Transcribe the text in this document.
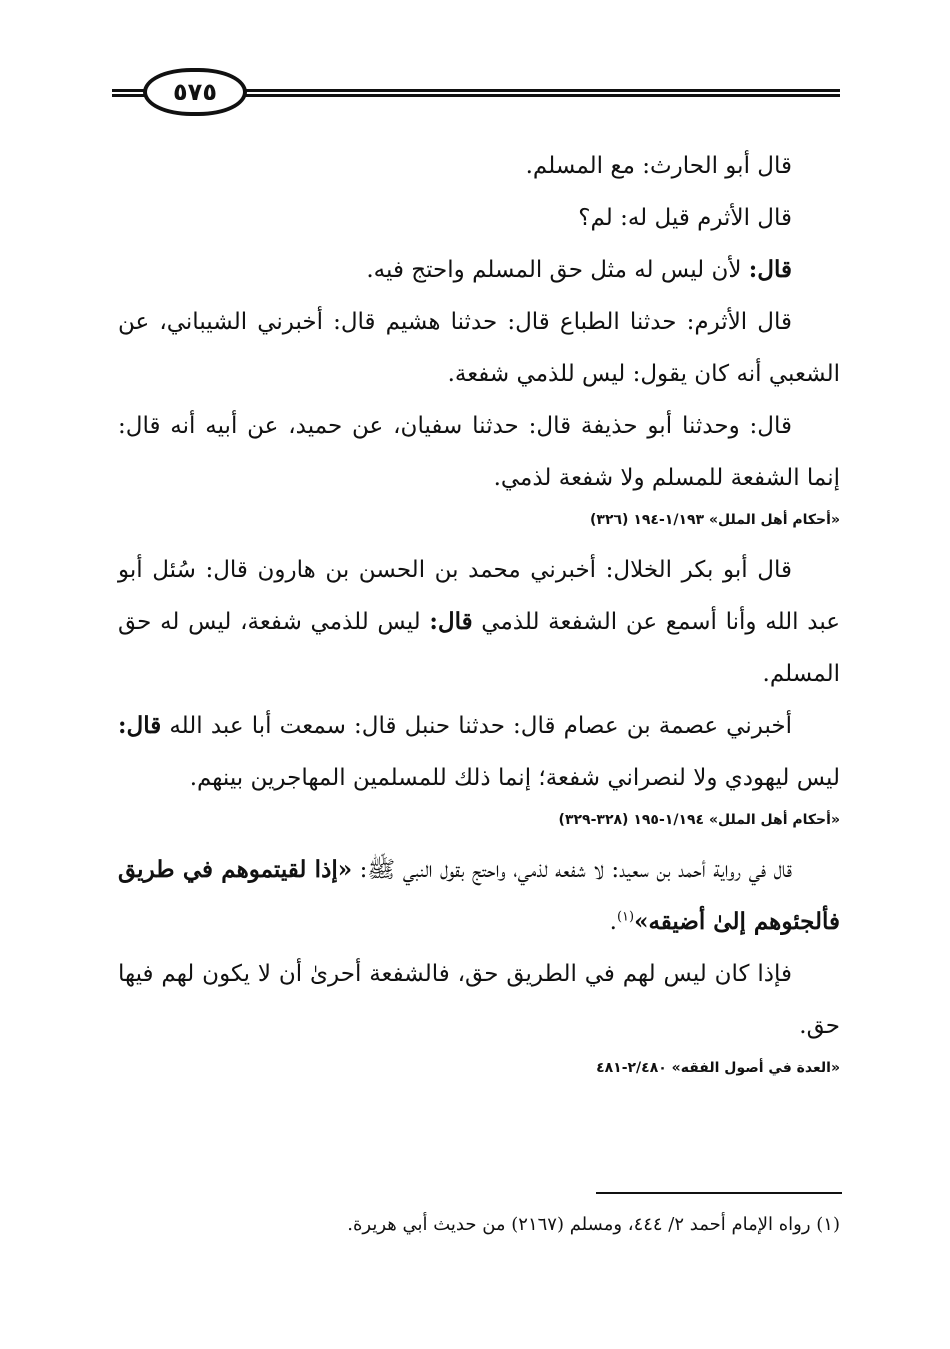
٥٧٥

قال أبو الحارث: مع المسلم.

قال الأثرم قيل له: لم؟

قال: لأن ليس له مثل حق المسلم واحتج فيه.

قال الأثرم: حدثنا الطباع قال: حدثنا هشيم قال: أخبرني الشيباني، عن الشعبي أنه كان يقول: ليس للذمي شفعة.

قال: وحدثنا أبو حذيفة قال: حدثنا سفيان، عن حميد، عن أبيه أنه قال: إنما الشفعة للمسلم ولا شفعة لذمي.

«أحكام أهل الملل» ١/١٩٣-١٩٤ (٣٢٦)

قال أبو بكر الخلال: أخبرني محمد بن الحسن بن هارون قال: سُئل أبو عبد الله وأنا أسمع عن الشفعة للذمي قال: ليس للذمي شفعة، ليس له حق المسلم.

أخبرني عصمة بن عصام قال: حدثنا حنبل قال: سمعت أبا عبد الله قال: ليس ليهودي ولا لنصراني شفعة؛ إنما ذلك للمسلمين المهاجرين بينهم.

«أحكام أهل الملل» ١/١٩٤-١٩٥ (٣٢٨-٣٢٩)

قال في رواية أحمد بن سعيد: لا شفعه لذمي، واحتج بقول النبي ﷺ: «إذا لقيتموهم في طريق فألجئوهم إلىٰ أضيقه»$^{(١)}$.

فإذا كان ليس لهم في الطريق حق، فالشفعة أحرىٰ أن لا يكون لهم فيها حق.

«العدة في أصول الفقه» ٢/٤٨٠-٤٨١
(١) رواه الإمام أحمد ٢/ ٤٤٤، ومسلم (٢١٦٧) من حديث أبي هريرة.
